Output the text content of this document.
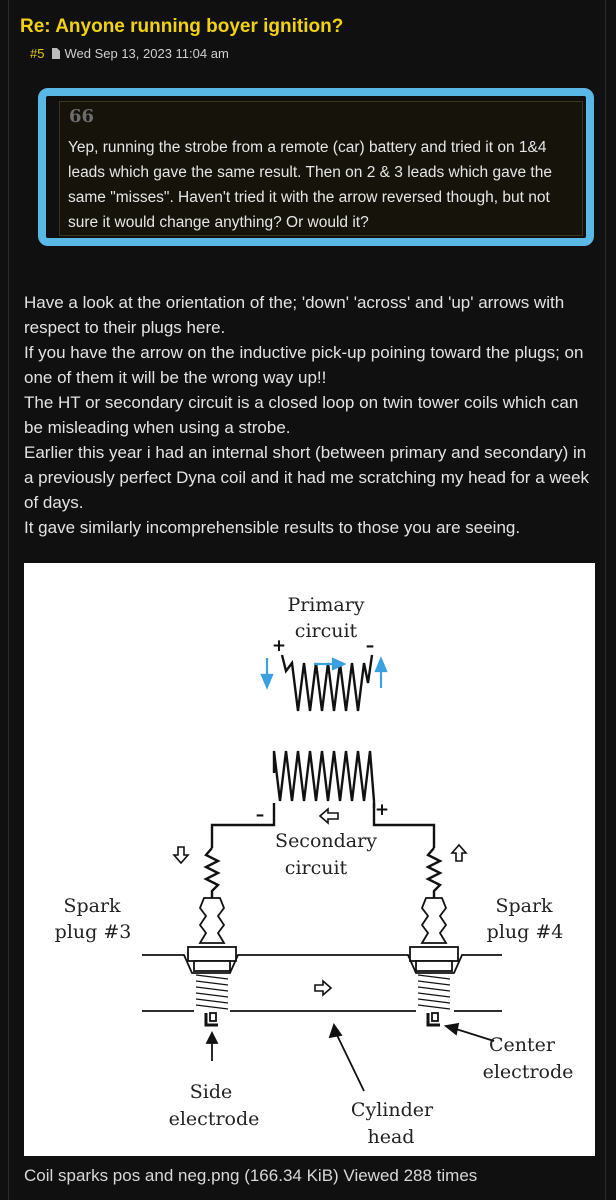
Re: Anyone running boyer ignition?
#5 Wed Sep 13, 2023 11:04 am
66

Yep, running the strobe from a remote (car) battery and tried it on 1&4 leads which gave the same result. Then on 2 & 3 leads which gave the same "misses". Haven't tried it with the arrow reversed though, but not sure it would change anything? Or would it?

Have a look at the orientation of the; 'down' 'across' and 'up' arrows with respect to their plugs here.

If you have the arrow on the inductive pick-up poining toward the plugs; on one of them it will be the wrong way up!!

The HT or secondary circuit is a closed loop on twin tower coils which can be misleading when using a strobe.

Earlier this year i had an internal short (between primary and secondary) in a previously perfect Dyna coil and it had me scratching my head for a week of days.

It gave similarly incomprehensible results to those you are seeing.

Primary
circuit
Secondary
circuit
Spark
plug #3
Spark
plug #4
Center
electrode
Side
electrode	Cylinder
head
+	–
–	+
Coil sparks pos and neg.png (166.34 KiB) Viewed 288 times
